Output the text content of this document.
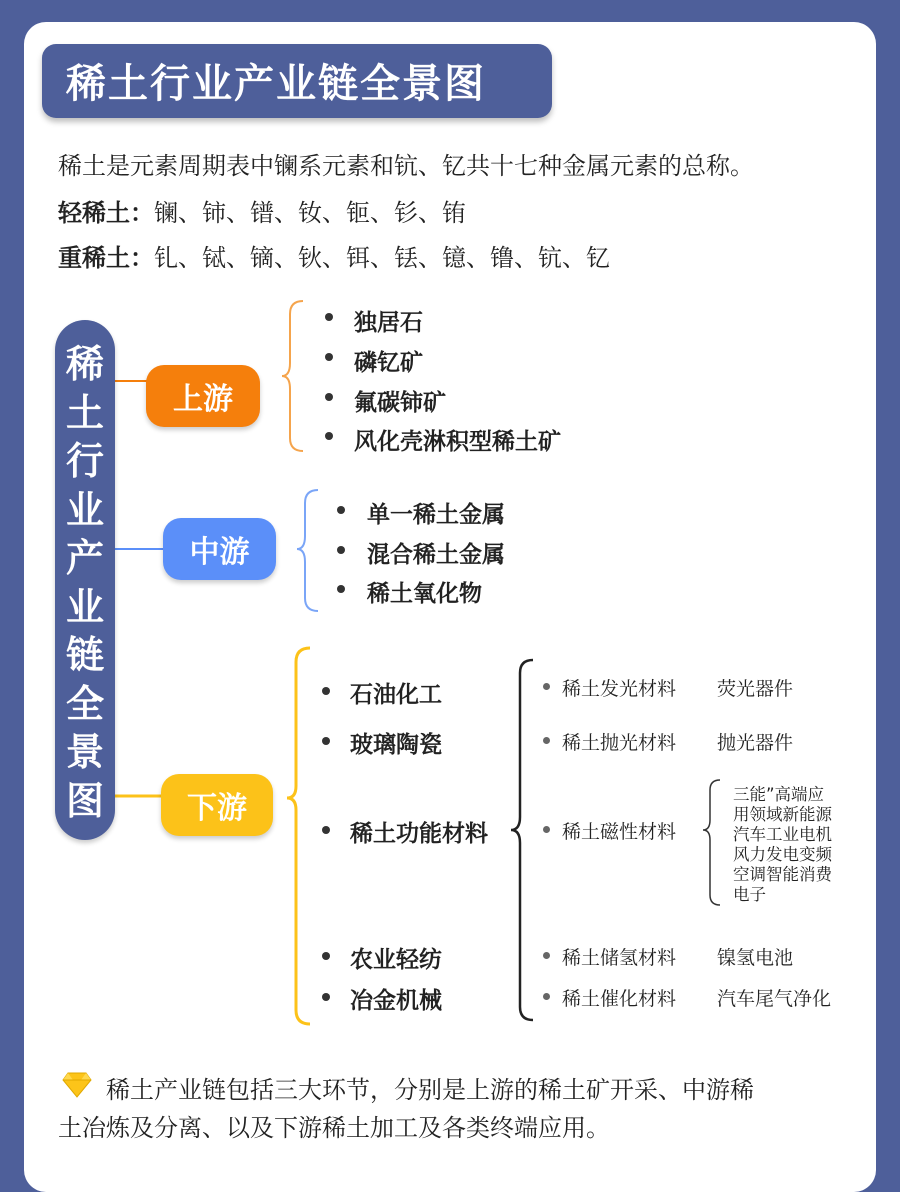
稀土行业产业链全景图
稀土是元素周期表中镧系元素和钪、钇共十七种金属元素的总称。
轻稀土：镧、铈、镨、钕、钷、钐、铕
重稀土：钆、铽、镝、钬、铒、铥、镱、镥、钪、钇
稀土行业产业链全景图
上游
中游
下游
独居石
磷钇矿
氟碳铈矿
风化壳淋积型稀土矿
单一稀土金属
混合稀土金属
稀土氧化物
石油化工
玻璃陶瓷
稀土功能材料
农业轻纺
冶金机械
稀土发光材料 荧光器件
稀土抛光材料 抛光器件
稀土磁性材料
三能”高端应
用领域新能源
汽车工业电机
风力发电变频
空调智能消费
电子
稀土储氢材料 镍氢电池
稀土催化材料 汽车尾气净化
稀土产业链包括三大环节，分别是上游的稀土矿开采、中游稀
土冶炼及分离、以及下游稀土加工及各类终端应用。
